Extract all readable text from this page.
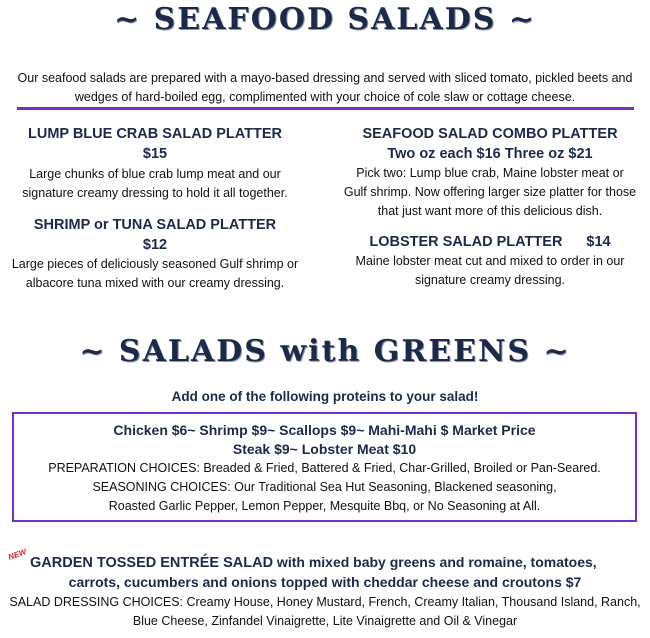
~ SEAFOOD SALADS ~
Our seafood salads are prepared with a mayo-based dressing and served with sliced tomato, pickled beets and
wedges of hard-boiled egg, complimented with your choice of cole slaw or cottage cheese.
LUMP BLUE CRAB SALAD PLATTER
$15
Large chunks of blue crab lump meat and our
signature creamy dressing to hold it all together.
SHRIMP or TUNA SALAD PLATTER
$12
Large pieces of deliciously seasoned Gulf shrimp or
albacore tuna mixed with our creamy dressing.
SEAFOOD SALAD COMBO PLATTER
Two oz each $16 Three oz $21
Pick two: Lump blue crab, Maine lobster meat or
Gulf shrimp. Now offering larger size platter for those
that just want more of this delicious dish.
LOBSTER SALAD PLATTER $14
Maine lobster meat cut and mixed to order in our
signature creamy dressing.
~ SALADS with GREENS ~
Add one of the following proteins to your salad!
Chicken $6~ Shrimp $9~ Scallops $9~ Mahi-Mahi $ Market Price
Steak $9~ Lobster Meat $10
PREPARATION CHOICES: Breaded & Fried, Battered & Fried, Char-Grilled, Broiled or Pan-Seared.
SEASONING CHOICES: Our Traditional Sea Hut Seasoning, Blackened seasoning,
Roasted Garlic Pepper, Lemon Pepper, Mesquite Bbq, or No Seasoning at All.
NEW
GARDEN TOSSED ENTRÉE SALAD with mixed baby greens and romaine, tomatoes,
carrots, cucumbers and onions topped with cheddar cheese and croutons $7
SALAD DRESSING CHOICES: Creamy House, Honey Mustard, French, Creamy Italian, Thousand Island, Ranch,
Blue Cheese, Zinfandel Vinaigrette, Lite Vinaigrette and Oil & Vinegar
